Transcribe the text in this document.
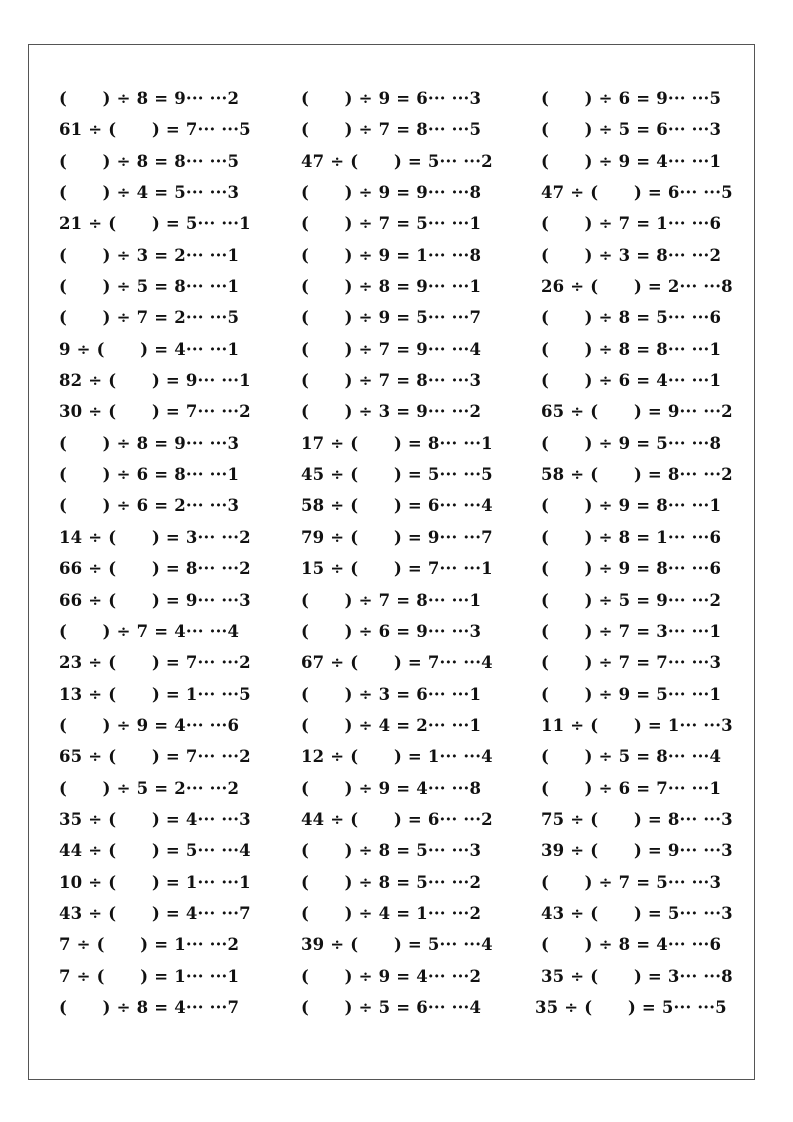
(      ) ÷ 8 = 9··· ···2
61 ÷ (      ) = 7··· ···5
(      ) ÷ 8 = 8··· ···5
(      ) ÷ 4 = 5··· ···3
21 ÷ (      ) = 5··· ···1
(      ) ÷ 3 = 2··· ···1
(      ) ÷ 5 = 8··· ···1
(      ) ÷ 7 = 2··· ···5
9 ÷ (      ) = 4··· ···1
82 ÷ (      ) = 9··· ···1
30 ÷ (      ) = 7··· ···2
(      ) ÷ 8 = 9··· ···3
(      ) ÷ 6 = 8··· ···1
(      ) ÷ 6 = 2··· ···3
14 ÷ (      ) = 3··· ···2
66 ÷ (      ) = 8··· ···2
66 ÷ (      ) = 9··· ···3
(      ) ÷ 7 = 4··· ···4
23 ÷ (      ) = 7··· ···2
13 ÷ (      ) = 1··· ···5
(      ) ÷ 9 = 4··· ···6
65 ÷ (      ) = 7··· ···2
(      ) ÷ 5 = 2··· ···2
35 ÷ (      ) = 4··· ···3
44 ÷ (      ) = 5··· ···4
10 ÷ (      ) = 1··· ···1
43 ÷ (      ) = 4··· ···7
7 ÷ (      ) = 1··· ···2
7 ÷ (      ) = 1··· ···1
(      ) ÷ 8 = 4··· ···7
(      ) ÷ 9 = 6··· ···3
(      ) ÷ 7 = 8··· ···5
47 ÷ (      ) = 5··· ···2
(      ) ÷ 9 = 9··· ···8
(      ) ÷ 7 = 5··· ···1
(      ) ÷ 9 = 1··· ···8
(      ) ÷ 8 = 9··· ···1
(      ) ÷ 9 = 5··· ···7
(      ) ÷ 7 = 9··· ···4
(      ) ÷ 7 = 8··· ···3
(      ) ÷ 3 = 9··· ···2
17 ÷ (      ) = 8··· ···1
45 ÷ (      ) = 5··· ···5
58 ÷ (      ) = 6··· ···4
79 ÷ (      ) = 9··· ···7
15 ÷ (      ) = 7··· ···1
(      ) ÷ 7 = 8··· ···1
(      ) ÷ 6 = 9··· ···3
67 ÷ (      ) = 7··· ···4
(      ) ÷ 3 = 6··· ···1
(      ) ÷ 4 = 2··· ···1
12 ÷ (      ) = 1··· ···4
(      ) ÷ 9 = 4··· ···8
44 ÷ (      ) = 6··· ···2
(      ) ÷ 8 = 5··· ···3
(      ) ÷ 8 = 5··· ···2
(      ) ÷ 4 = 1··· ···2
39 ÷ (      ) = 5··· ···4
(      ) ÷ 9 = 4··· ···2
(      ) ÷ 5 = 6··· ···4
(      ) ÷ 6 = 9··· ···5
(      ) ÷ 5 = 6··· ···3
(      ) ÷ 9 = 4··· ···1
47 ÷ (      ) = 6··· ···5
(      ) ÷ 7 = 1··· ···6
(      ) ÷ 3 = 8··· ···2
26 ÷ (      ) = 2··· ···8
(      ) ÷ 8 = 5··· ···6
(      ) ÷ 8 = 8··· ···1
(      ) ÷ 6 = 4··· ···1
65 ÷ (      ) = 9··· ···2
(      ) ÷ 9 = 5··· ···8
58 ÷ (      ) = 8··· ···2
(      ) ÷ 9 = 8··· ···1
(      ) ÷ 8 = 1··· ···6
(      ) ÷ 9 = 8··· ···6
(      ) ÷ 5 = 9··· ···2
(      ) ÷ 7 = 3··· ···1
(      ) ÷ 7 = 7··· ···3
(      ) ÷ 9 = 5··· ···1
11 ÷ (      ) = 1··· ···3
(      ) ÷ 5 = 8··· ···4
(      ) ÷ 6 = 7··· ···1
75 ÷ (      ) = 8··· ···3
39 ÷ (      ) = 9··· ···3
(      ) ÷ 7 = 5··· ···3
43 ÷ (      ) = 5··· ···3
(      ) ÷ 8 = 4··· ···6
35 ÷ (      ) = 3··· ···8
35 ÷ (      ) = 5··· ···5
